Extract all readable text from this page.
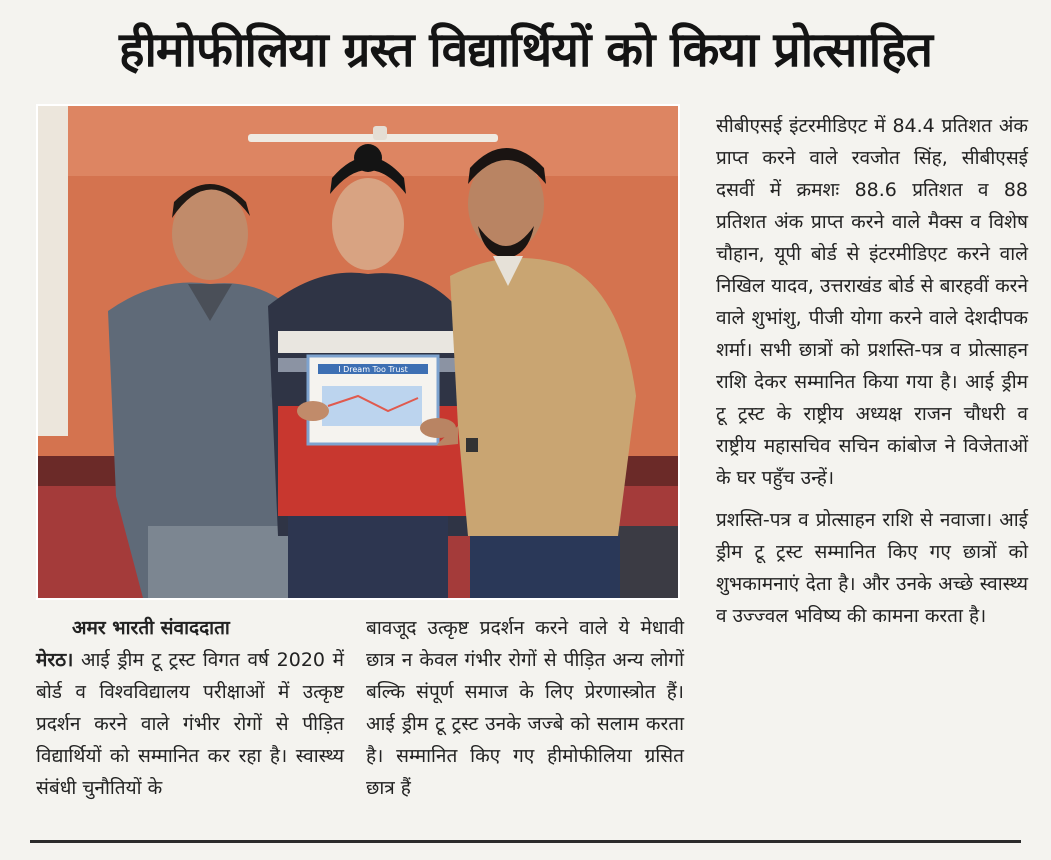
हीमोफीलिया ग्रस्त विद्यार्थियों को किया प्रोत्साहित
I Dream Too Trust

अमर भारती संवाददाता

मेरठ। आई ड्रीम टू ट्रस्ट विगत वर्ष 2020 में बोर्ड व विश्वविद्यालय परीक्षाओं में उत्कृष्ट प्रदर्शन करने वाले गंभीर रोगों से पीड़ित विद्यार्थियों को सम्मानित कर रहा है। स्वास्थ्य संबंधी चुनौतियों के

बावजूद उत्कृष्ट प्रदर्शन करने वाले ये मेधावी छात्र न केवल गंभीर रोगों से पीड़ित अन्य लोगों बल्कि संपूर्ण समाज के लिए प्रेरणास्त्रोत हैं। आई ड्रीम टू ट्रस्ट उनके जज्बे को सलाम करता है। सम्मानित किए गए हीमोफीलिया ग्रसित छात्र हैं

सीबीएसई इंटरमीडिएट में 84.4 प्रतिशत अंक प्राप्त करने वाले रवजोत सिंह, सीबीएसई दसवीं में क्रमशः 88.6 प्रतिशत व 88 प्रतिशत अंक प्राप्त करने वाले मैक्स व विशेष चौहान, यूपी बोर्ड से इंटरमीडिएट करने वाले निखिल यादव, उत्तराखंड बोर्ड से बारहवीं करने वाले शुभांशु, पीजी योगा करने वाले देशदीपक शर्मा। सभी छात्रों को प्रशस्ति-पत्र व प्रोत्साहन राशि देकर सम्मानित किया गया है। आई ड्रीम टू ट्रस्ट के राष्ट्रीय अध्यक्ष राजन चौधरी व राष्ट्रीय महासचिव सचिन कांबोज ने विजेताओं के घर पहुँच उन्हें।

प्रशस्ति-पत्र व प्रोत्साहन राशि से नवाजा। आई ड्रीम टू ट्रस्ट सम्मानित किए गए छात्रों को शुभकामनाएं देता है। और उनके अच्छे स्वास्थ्य व उज्ज्वल भविष्य की कामना करता है।
